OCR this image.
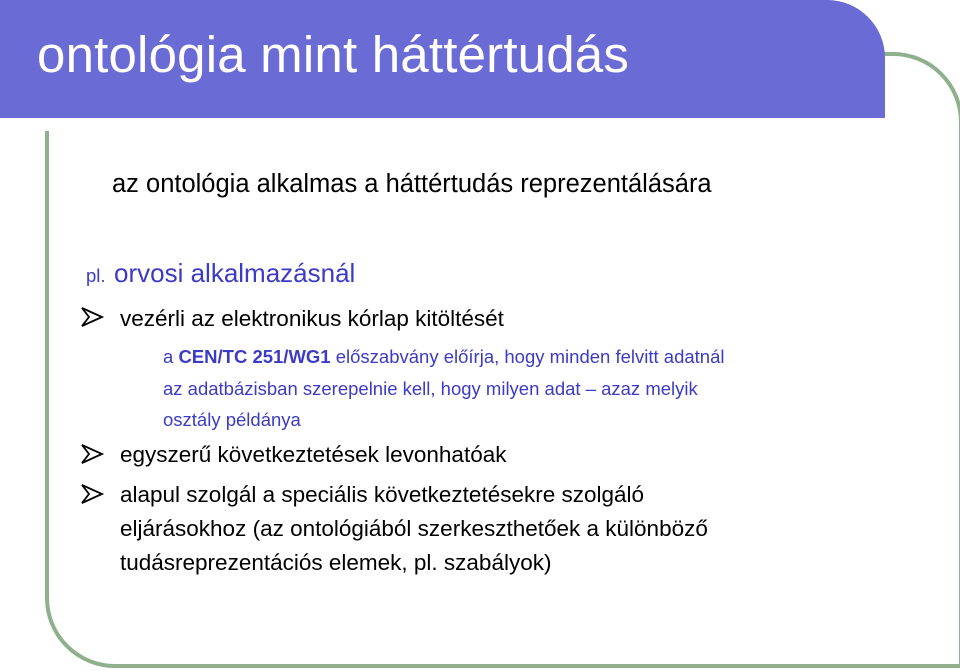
ontológia mint háttértudás
az ontológia alkalmas a háttértudás reprezentálására
pl. orvosi alkalmazásnál
vezérli az elektronikus kórlap kitöltését
a CEN/TC 251/WG1 előszabvány előírja, hogy minden felvitt adatnál
az adatbázisban szerepelnie kell, hogy milyen adat – azaz melyik
osztály példánya
egyszerű következtetések levonhatóak
alapul szolgál a speciális következtetésekre szolgáló
eljárásokhoz (az ontológiából szerkeszthetőek a különböző
tudásreprezentációs elemek, pl. szabályok)
